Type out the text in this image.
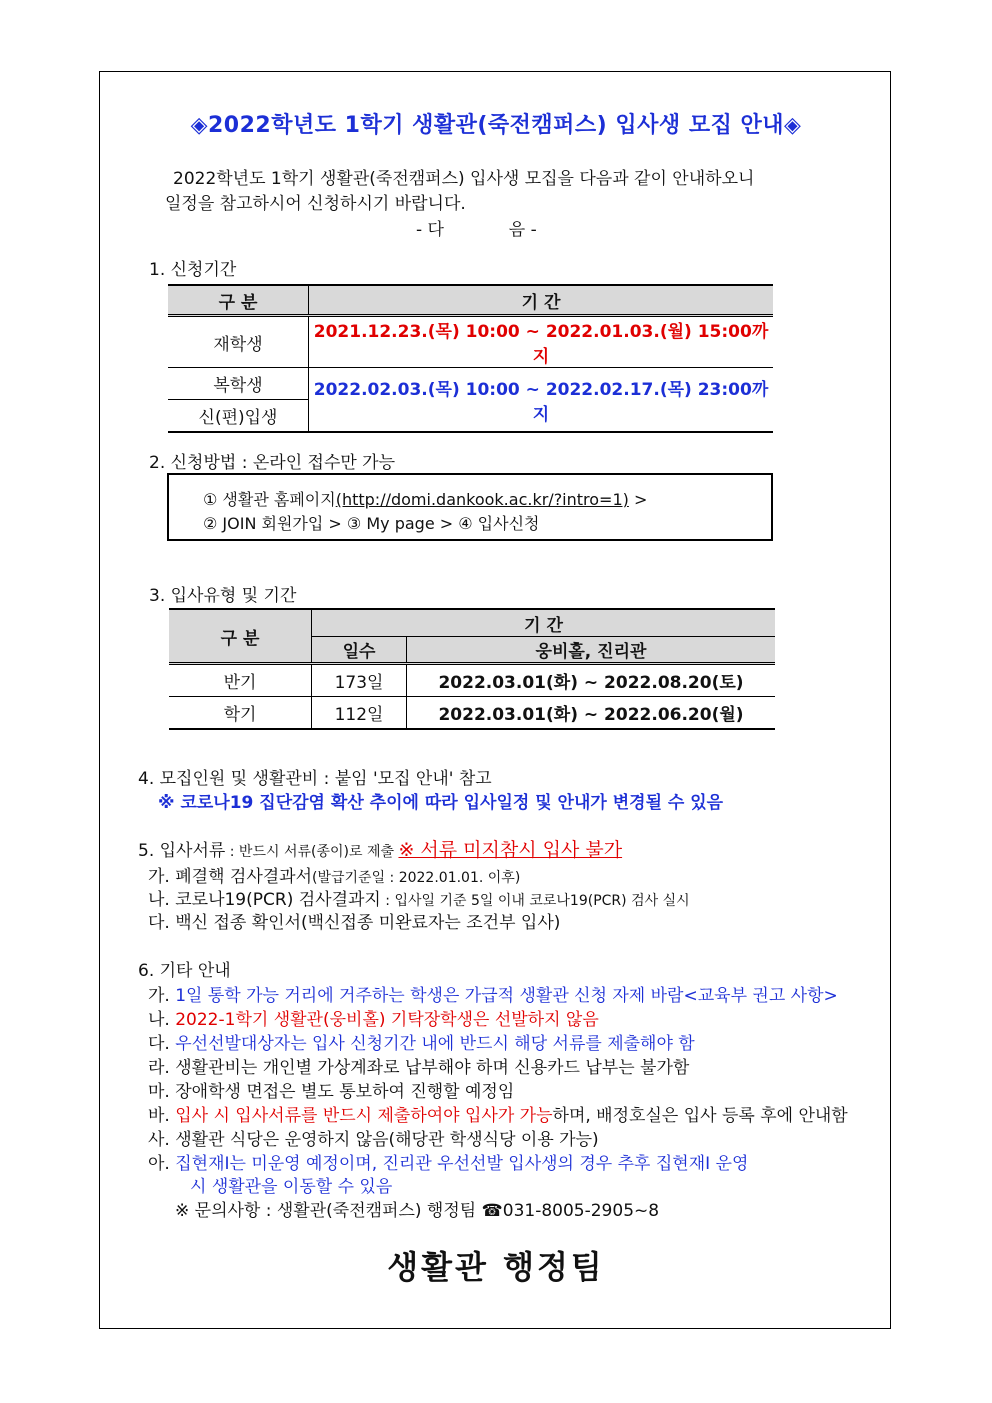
◈2022학년도 1학기 생활관(죽전캠퍼스) 입사생 모집 안내◈
2022학년도 1학기 생활관(죽전캠퍼스) 입사생 모집을 다음과 같이 안내하오니
일정을 참고하시어 신청하시기 바랍니다.
- 다            음 -
1. 신청기간
구 분	기 간
재학생	2021.12.23.(목) 10:00 ~ 2022.01.03.(월) 15:00까지
복학생	2022.02.03.(목) 10:00 ~ 2022.02.17.(목) 23:00까지
신(편)입생	
2. 신청방법 : 온라인 접수만 가능
① 생활관 홈페이지(http://domi.dankook.ac.kr/?intro=1) >
② JOIN 회원가입 > ③ My page > ④ 입사신청
3. 입사유형 및 기간
구 분	기 간	
	일수	웅비홀, 진리관
반기	173일	2022.03.01(화) ~ 2022.08.20(토)
학기	112일	2022.03.01(화) ~ 2022.06.20(월)
4. 모집인원 및 생활관비 : 붙임 '모집 안내' 참고
※ 코로나19 집단감염 확산 추이에 따라 입사일정 및 안내가 변경될 수 있음
5. 입사서류 : 반드시 서류(종이)로 제출 ※ 서류 미지참시 입사 불가
가. 폐결핵 검사결과서(발급기준일 : 2022.01.01. 이후)
나. 코로나19(PCR) 검사결과지 : 입사일 기준 5일 이내 코로나19(PCR) 검사 실시
다. 백신 접종 확인서(백신접종 미완료자는 조건부 입사)
6. 기타 안내
가. 1일 통학 가능 거리에 거주하는 학생은 가급적 생활관 신청 자제 바람<교육부 권고 사항>
나. 2022-1학기 생활관(웅비홀) 기탁장학생은 선발하지 않음
다. 우선선발대상자는 입사 신청기간 내에 반드시 해당 서류를 제출해야 함
라. 생활관비는 개인별 가상계좌로 납부해야 하며 신용카드 납부는 불가함
마. 장애학생 면접은 별도 통보하여 진행할 예정임
바. 입사 시 입사서류를 반드시 제출하여야 입사가 가능하며, 배정호실은 입사 등록 후에 안내함
사. 생활관 식당은 운영하지 않음(해당관 학생식당 이용 가능)
아. 집현재Ⅰ는 미운영 예정이며, 진리관 우선선발 입사생의 경우 추후 집현재Ⅰ 운영
시 생활관을 이동할 수 있음
※ 문의사항 : 생활관(죽전캠퍼스) 행정팀 ☎031-8005-2905~8
생활관 행정팀
